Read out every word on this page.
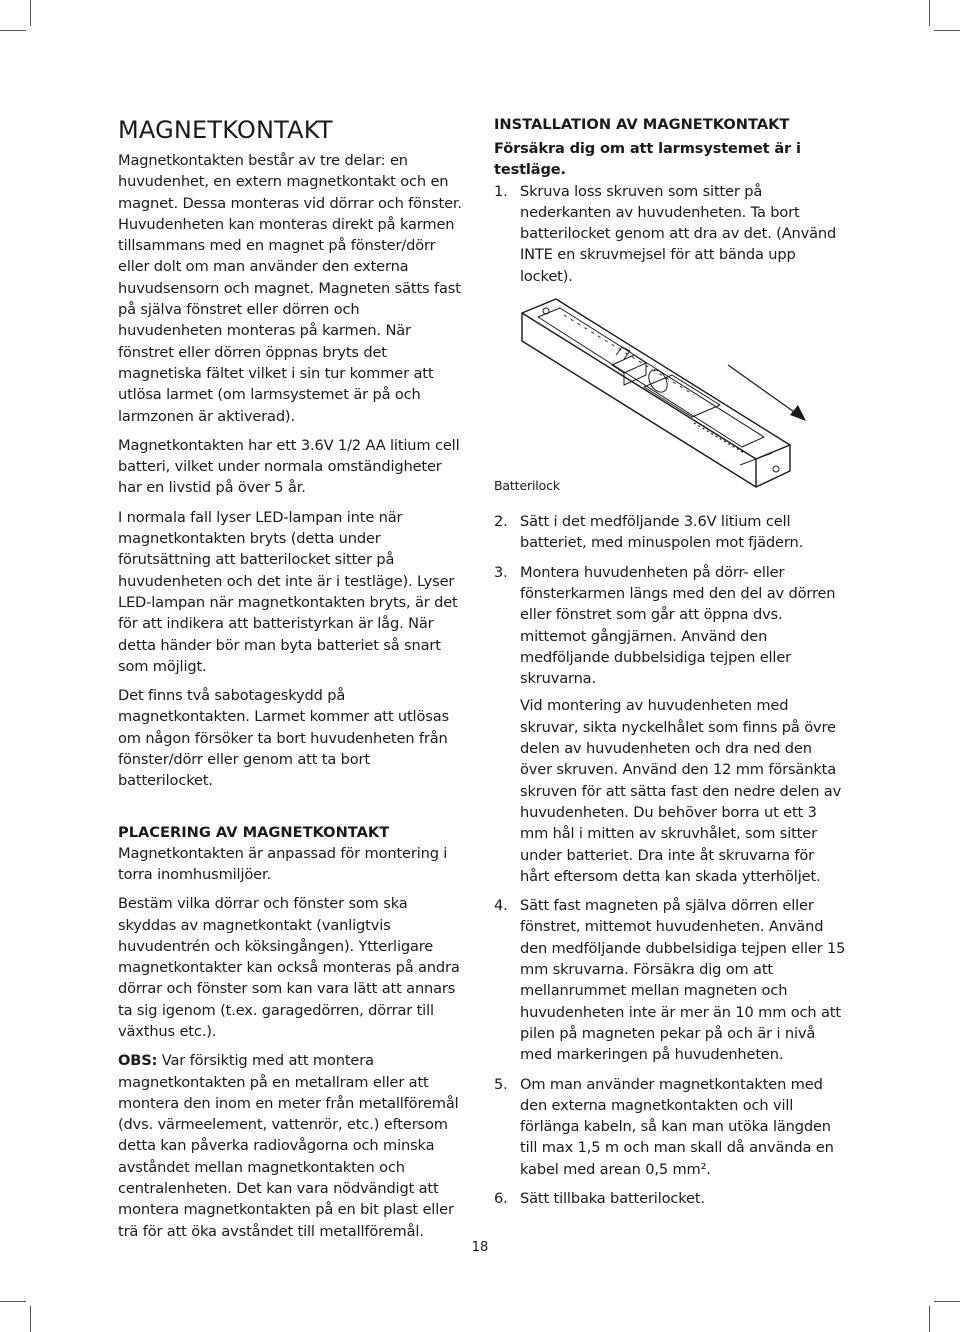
MAGNETKONTAKT

Magnetkontakten består av tre delar: en huvudenhet, en extern magnetkontakt och en magnet. Dessa monteras vid dörrar och fönster. Huvudenheten kan monteras direkt på karmen tillsammans med en magnet på fönster/dörr eller dolt om man använder den externa huvudsensorn och magnet. Magneten sätts fast på själva fönstret eller dörren och huvudenheten monteras på karmen. När fönstret eller dörren öppnas bryts det magnetiska fältet vilket i sin tur kommer att utlösa larmet (om larmsystemet är på och larmzonen är aktiverad).

Magnetkontakten har ett 3.6V 1/2 AA litium cell batteri, vilket under normala omständigheter har en livstid på över 5 år.

I normala fall lyser LED-lampan inte när magnetkontakten bryts (detta under förutsättning att batterilocket sitter på huvudenheten och det inte är i testläge). Lyser LED-lampan när magnetkontakten bryts, är det för att indikera att batteristyrkan är låg. När detta händer bör man byta batteriet så snart som möjligt.

Det finns två sabotageskydd på magnetkontakten. Larmet kommer att utlösas om någon försöker ta bort huvudenheten från fönster/dörr eller genom att ta bort batterilocket.

PLACERING AV MAGNETKONTAKT

Magnetkontakten är anpassad för montering i torra inomhusmiljöer.

Bestäm vilka dörrar och fönster som ska skyddas av magnetkontakt (vanligtvis huvudentrén och köksingången). Ytterligare magnetkontakter kan också monteras på andra dörrar och fönster som kan vara lätt att annars ta sig igenom (t.ex. garagedörren, dörrar till växthus etc.).

OBS: Var försiktig med att montera magnetkontakten på en metallram eller att montera den inom en meter från metallföremål (dvs. värmeelement, vattenrör, etc.) eftersom detta kan påverka radiovågorna och minska avståndet mellan magnetkontakten och centralenheten. Det kan vara nödvändigt att montera magnetkontakten på en bit plast eller trä för att öka avståndet till metallföremål.

INSTALLATION AV MAGNETKONTAKT

Försäkra dig om att larmsystemet är i testläge.

1. Skruva loss skruven som sitter på nederkanten av huvudenheten. Ta bort batterilocket genom att dra av det. (Använd INTE en skruvmejsel för att bända upp locket).
Batterilock
2. Sätt i det medföljande 3.6V litium cell batteriet, med minuspolen mot fjädern.
3. Montera huvudenheten på dörr- eller fönsterkarmen längs med den del av dörren eller fönstret som går att öppna dvs. mittemot gångjärnen. Använd den medföljande dubbelsidiga tejpen eller skruvarna.

Vid montering av huvudenheten med skruvar, sikta nyckelhålet som finns på övre delen av huvudenheten och dra ned den över skruven. Använd den 12 mm försänkta skruven för att sätta fast den nedre delen av huvudenheten. Du behöver borra ut ett 3 mm hål i mitten av skruvhålet, som sitter under batteriet. Dra inte åt skruvarna för hårt eftersom detta kan skada ytterhöljet.

4. Sätt fast magneten på själva dörren eller fönstret, mittemot huvudenheten. Använd den medföljande dubbelsidiga tejpen eller 15 mm skruvarna. Försäkra dig om att mellanrummet mellan magneten och huvudenheten inte är mer än 10 mm och att pilen på magneten pekar på och är i nivå med markeringen på huvudenheten.
5. Om man använder magnetkontakten med den externa magnetkontakten och vill förlänga kabeln, så kan man utöka längden till max 1,5 m och man skall då använda en kabel med arean 0,5 mm².
6. Sätt tillbaka batterilocket.
18
